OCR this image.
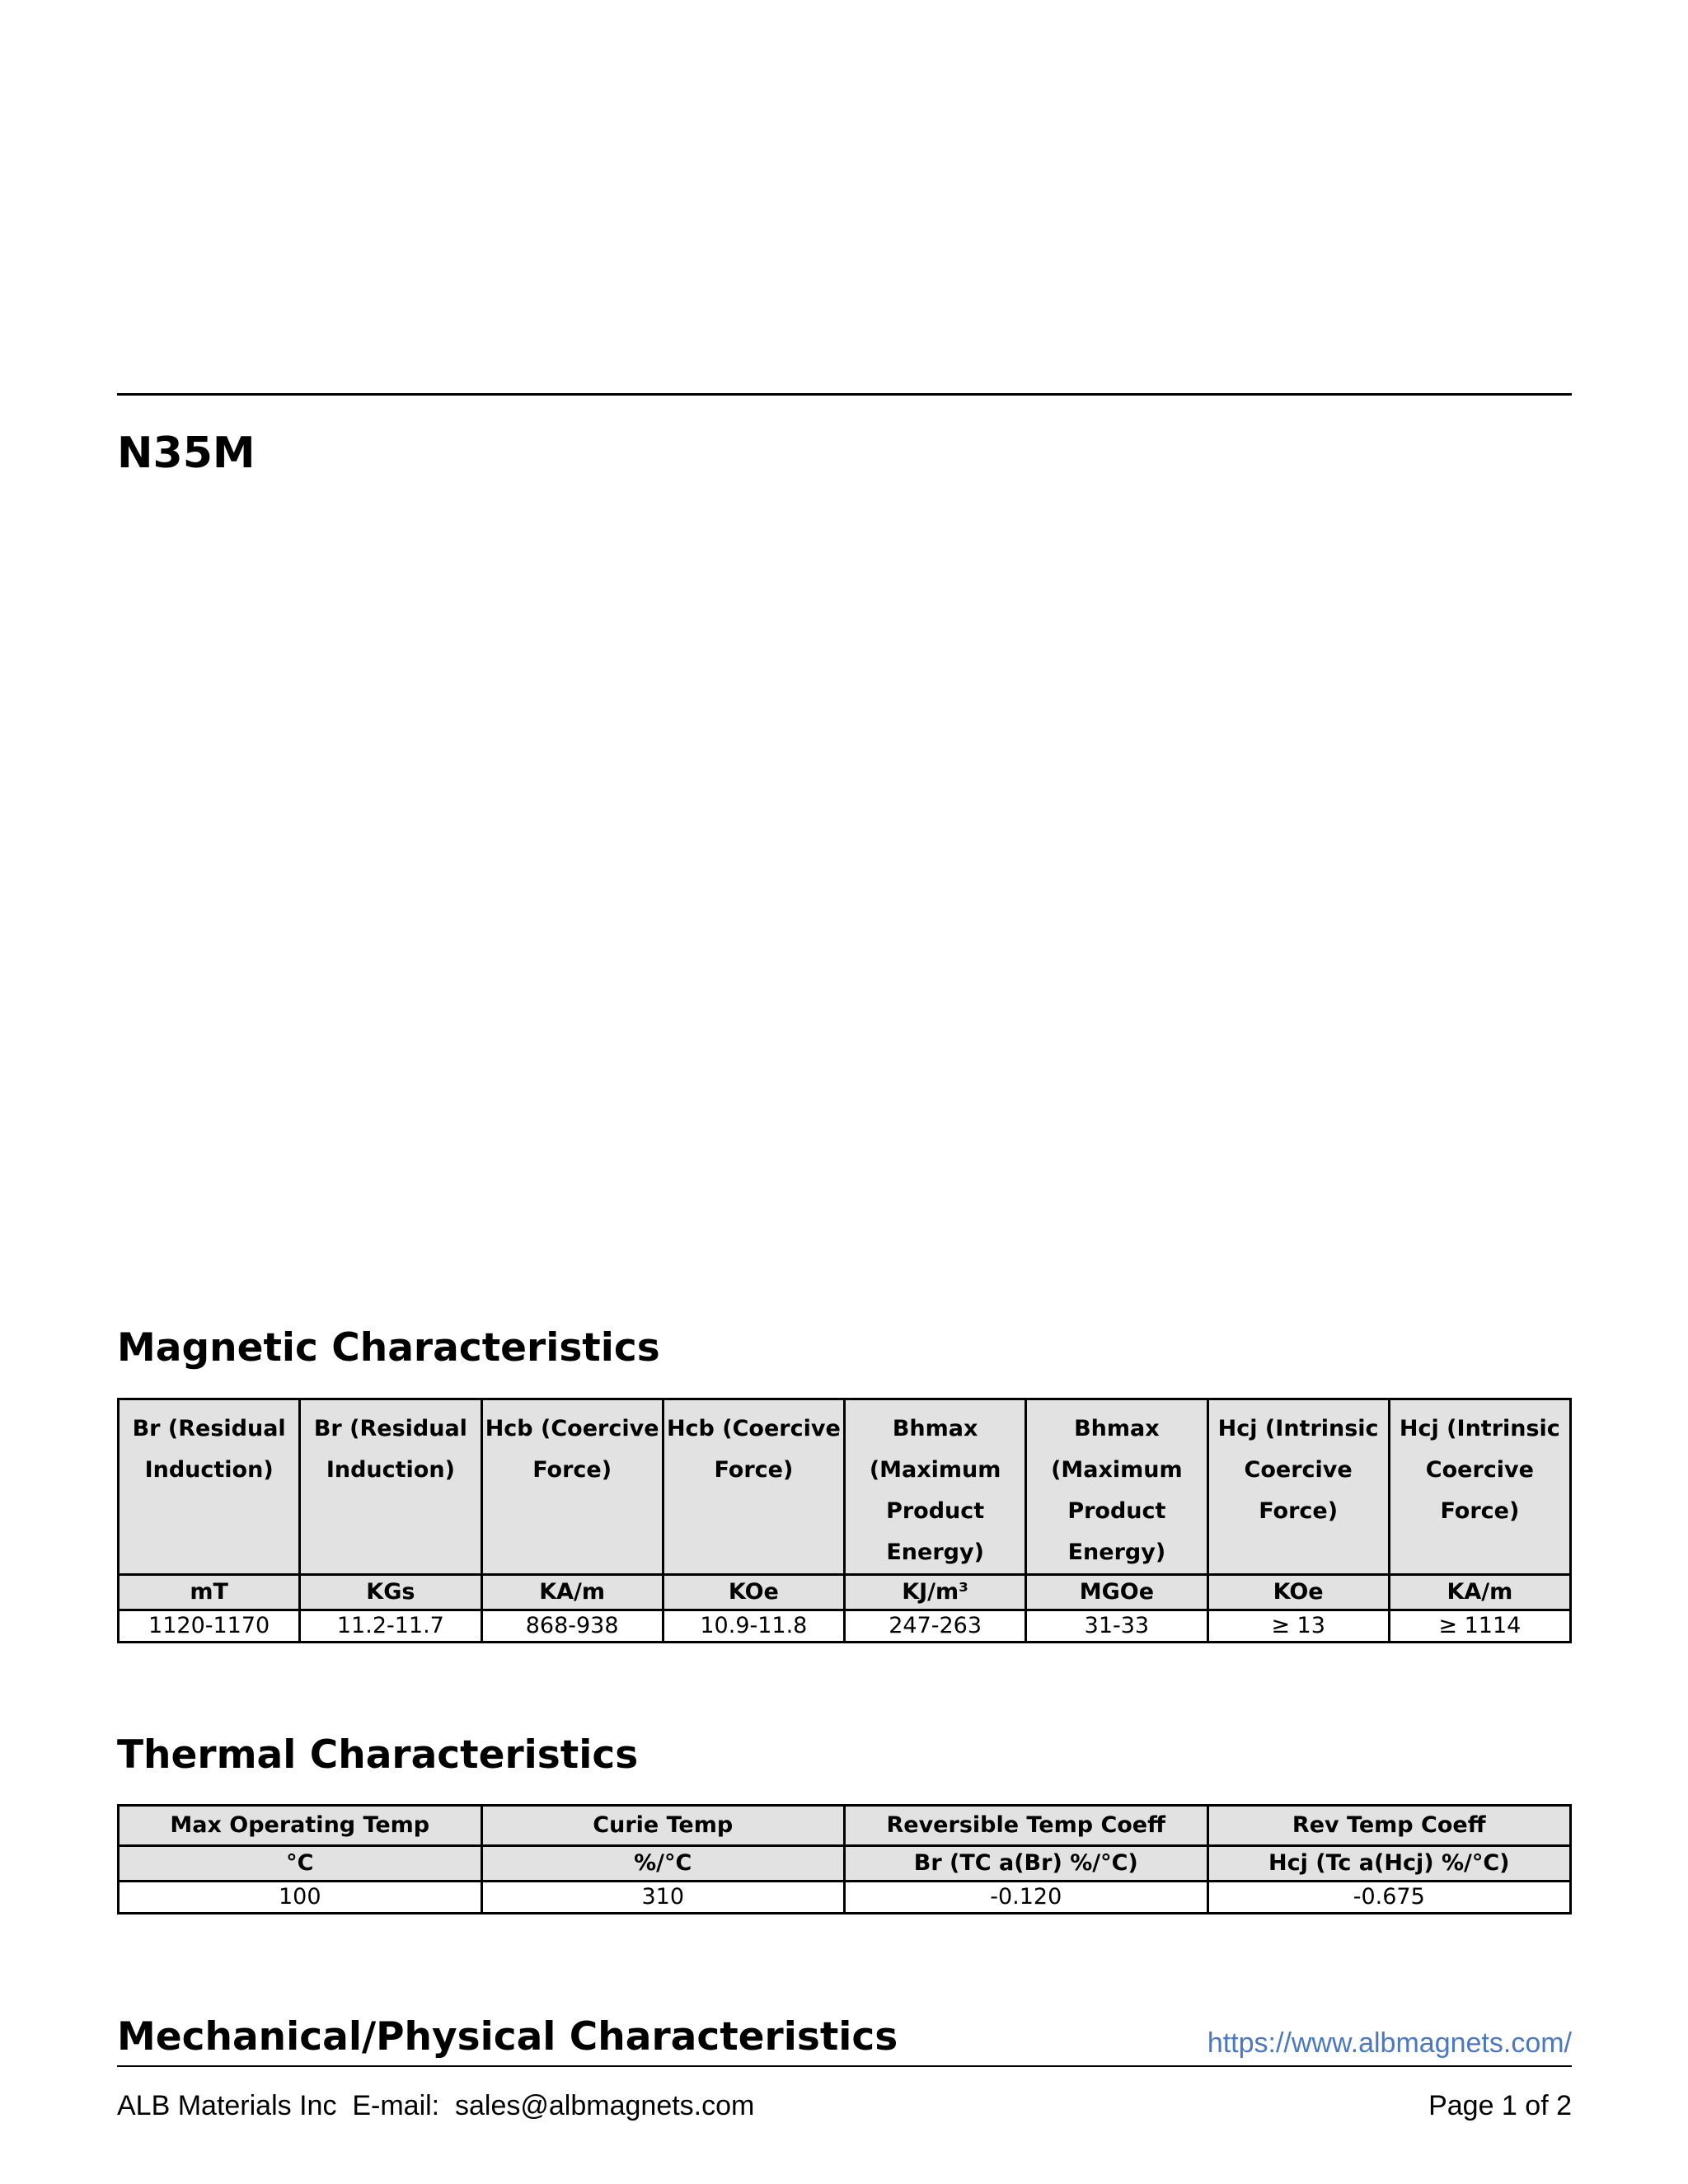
N35M
Magnetic Characteristics
Br (Residual Induction)	Br (Residual Induction)	Hcb (Coercive Force)	Hcb (Coercive Force)	Bhmax (Maximum Product Energy)	Bhmax (Maximum Product Energy)	Hcj (Intrinsic Coercive Force)	Hcj (Intrinsic Coercive Force)
mT	KGs	KA/m	KOe	KJ/m³	MGOe	KOe	KA/m
1120-1170	11.2-11.7	868-938	10.9-11.8	247-263	31-33	≥ 13	≥ 1114
Thermal Characteristics
Max Operating Temp	Curie Temp	Reversible Temp Coeff	Rev Temp Coeff
°C	%/°C	Br (TC a(Br) %/°C)	Hcj (Tc a(Hcj) %/°C)
100	310	-0.120	-0.675
Mechanical/Physical Characteristics	https://www.albmagnets.com/
ALB Materials Inc  E-mail:  sales@albmagnets.com	Page 1 of 2
